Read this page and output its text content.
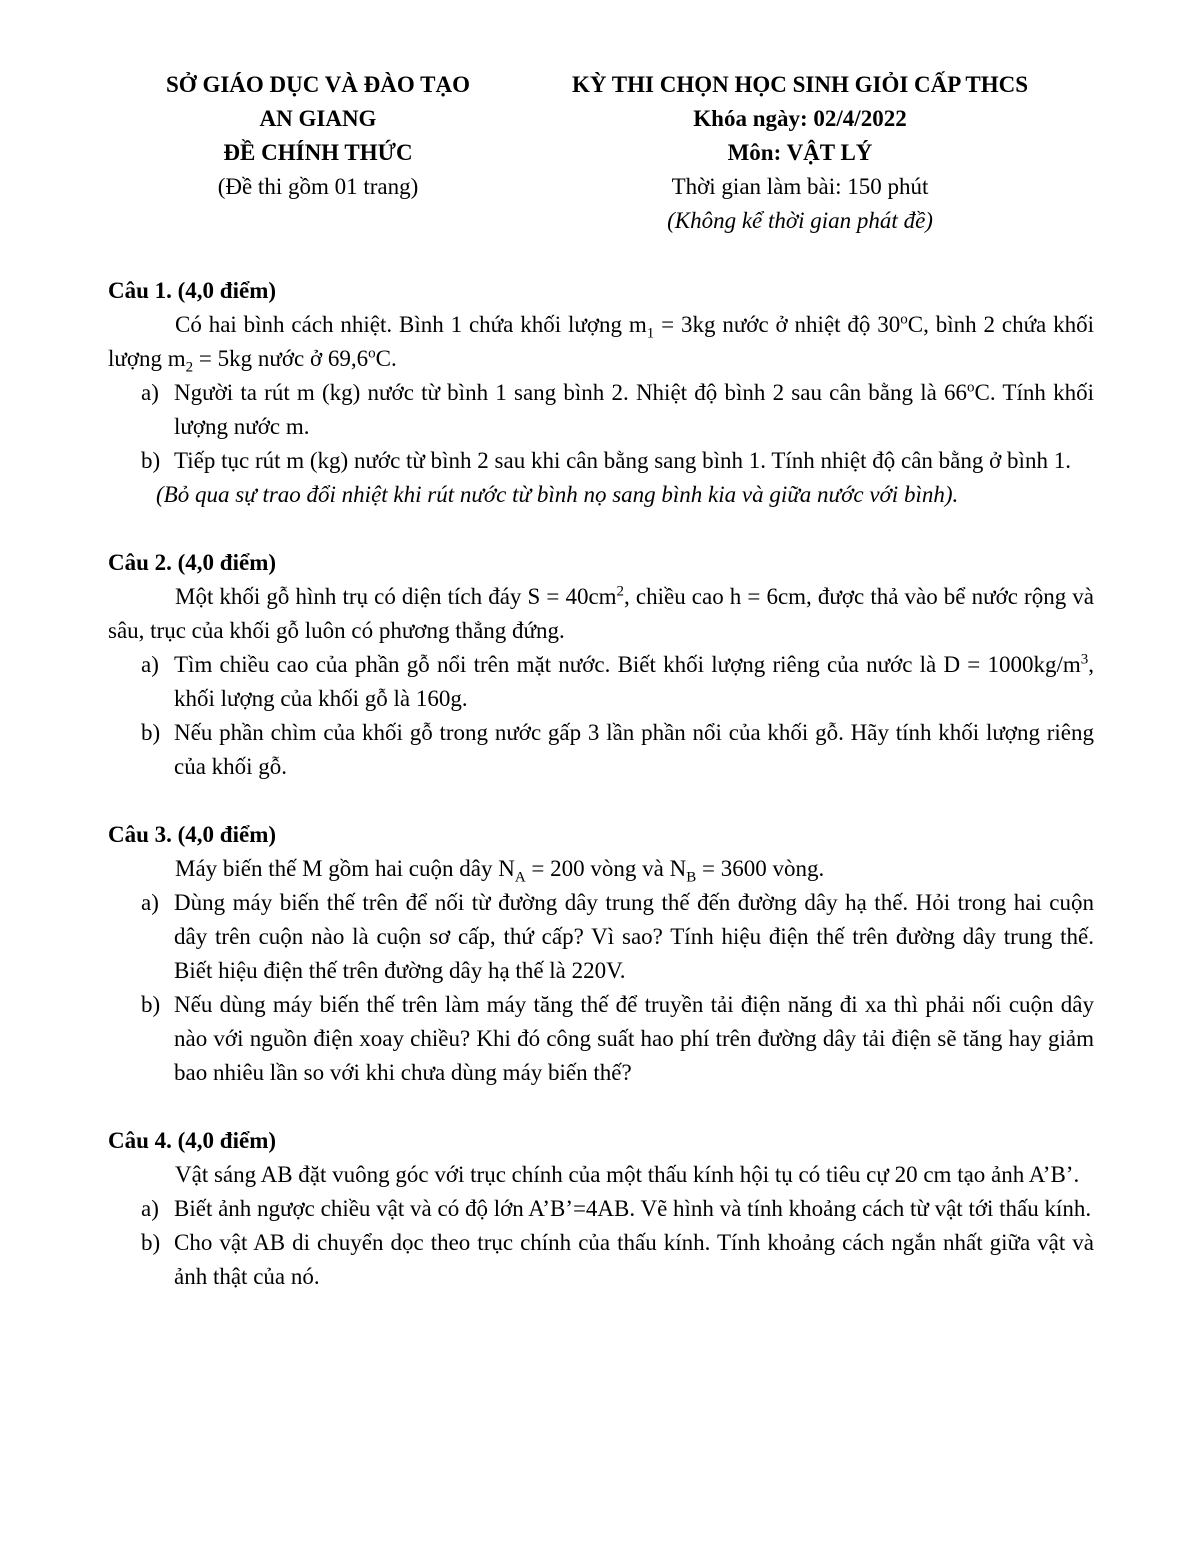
SỞ GIÁO DỤC VÀ ĐÀO TẠO
AN GIANG
ĐỀ CHÍNH THỨC
(Đề thi gồm 01 trang)
KỲ THI CHỌN HỌC SINH GIỎI CẤP THCS
Khóa ngày: 02/4/2022
Môn: VẬT LÝ
Thời gian làm bài: 150 phút
(Không kể thời gian phát đề)
Câu 1. (4,0 điểm)
Có hai bình cách nhiệt. Bình 1 chứa khối lượng $m_1 = 3kg$ nước ở nhiệt độ 30$^o$C, bình 2 chứa khối lượng $m_2 = 5kg$ nước ở 69,6$^o$C.
a) Người ta rút m (kg) nước từ bình 1 sang bình 2. Nhiệt độ bình 2 sau cân bằng là 66$^o$C. Tính khối lượng nước m.
b) Tiếp tục rút m (kg) nước từ bình 2 sau khi cân bằng sang bình 1. Tính nhiệt độ cân bằng ở bình 1.
(Bỏ qua sự trao đổi nhiệt khi rút nước từ bình nọ sang bình kia và giữa nước với bình).
Câu 2. (4,0 điểm)
Một khối gỗ hình trụ có diện tích đáy $S = 40cm^2$, chiều cao h = 6cm, được thả vào bể nước rộng và sâu, trục của khối gỗ luôn có phương thẳng đứng.
a) Tìm chiều cao của phần gỗ nổi trên mặt nước. Biết khối lượng riêng của nước là $D = 1000kg/m^3$, khối lượng của khối gỗ là 160g.
b) Nếu phần chìm của khối gỗ trong nước gấp 3 lần phần nổi của khối gỗ. Hãy tính khối lượng riêng của khối gỗ.
Câu 3. (4,0 điểm)
Máy biến thế M gồm hai cuộn dây $N_A = 200$ vòng và $N_B = 3600$ vòng.
a) Dùng máy biến thế trên để nối từ đường dây trung thế đến đường dây hạ thế. Hỏi trong hai cuộn dây trên cuộn nào là cuộn sơ cấp, thứ cấp? Vì sao? Tính hiệu điện thế trên đường dây trung thế. Biết hiệu điện thế trên đường dây hạ thế là 220V.
b) Nếu dùng máy biến thế trên làm máy tăng thế để truyền tải điện năng đi xa thì phải nối cuộn dây nào với nguồn điện xoay chiều? Khi đó công suất hao phí trên đường dây tải điện sẽ tăng hay giảm bao nhiêu lần so với khi chưa dùng máy biến thế?
Câu 4. (4,0 điểm)
Vật sáng AB đặt vuông góc với trục chính của một thấu kính hội tụ có tiêu cự 20 cm tạo ảnh A’B’.
a) Biết ảnh ngược chiều vật và có độ lớn A’B’=4AB. Vẽ hình và tính khoảng cách từ vật tới thấu kính.
b) Cho vật AB di chuyển dọc theo trục chính của thấu kính. Tính khoảng cách ngắn nhất giữa vật và ảnh thật của nó.
